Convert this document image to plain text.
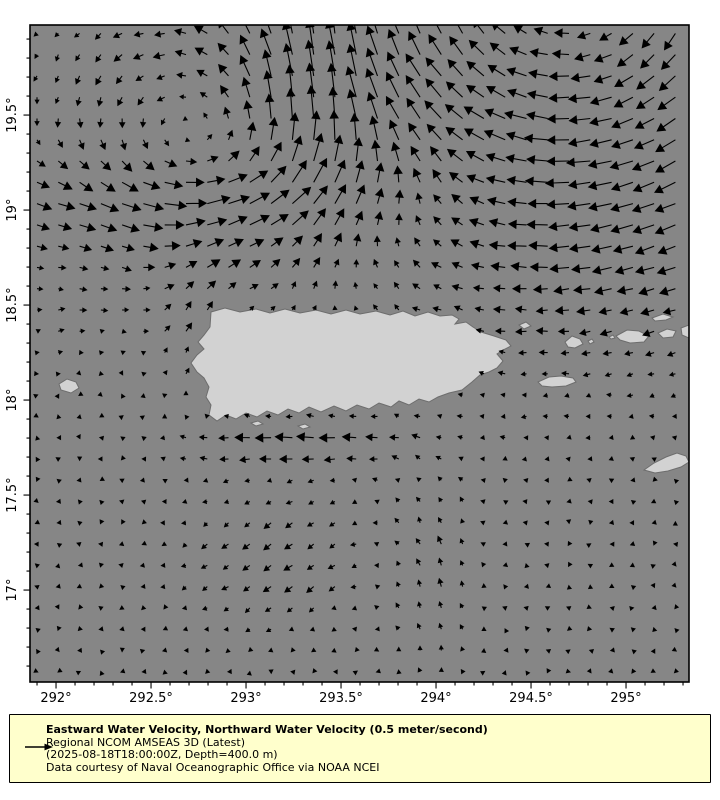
292°	292.5°	293°	293.5°	294°	294.5°	295°
17°
17.5°
18°
18.5°
19°
19.5°
Eastward Water Velocity, Northward Water Velocity (0.5 meter/second)
Regional NCOM AMSEAS 3D (Latest)
(2025-08-18T18:00:00Z, Depth=400.0 m)
Data courtesy of Naval Oceanographic Office via NOAA NCEI
